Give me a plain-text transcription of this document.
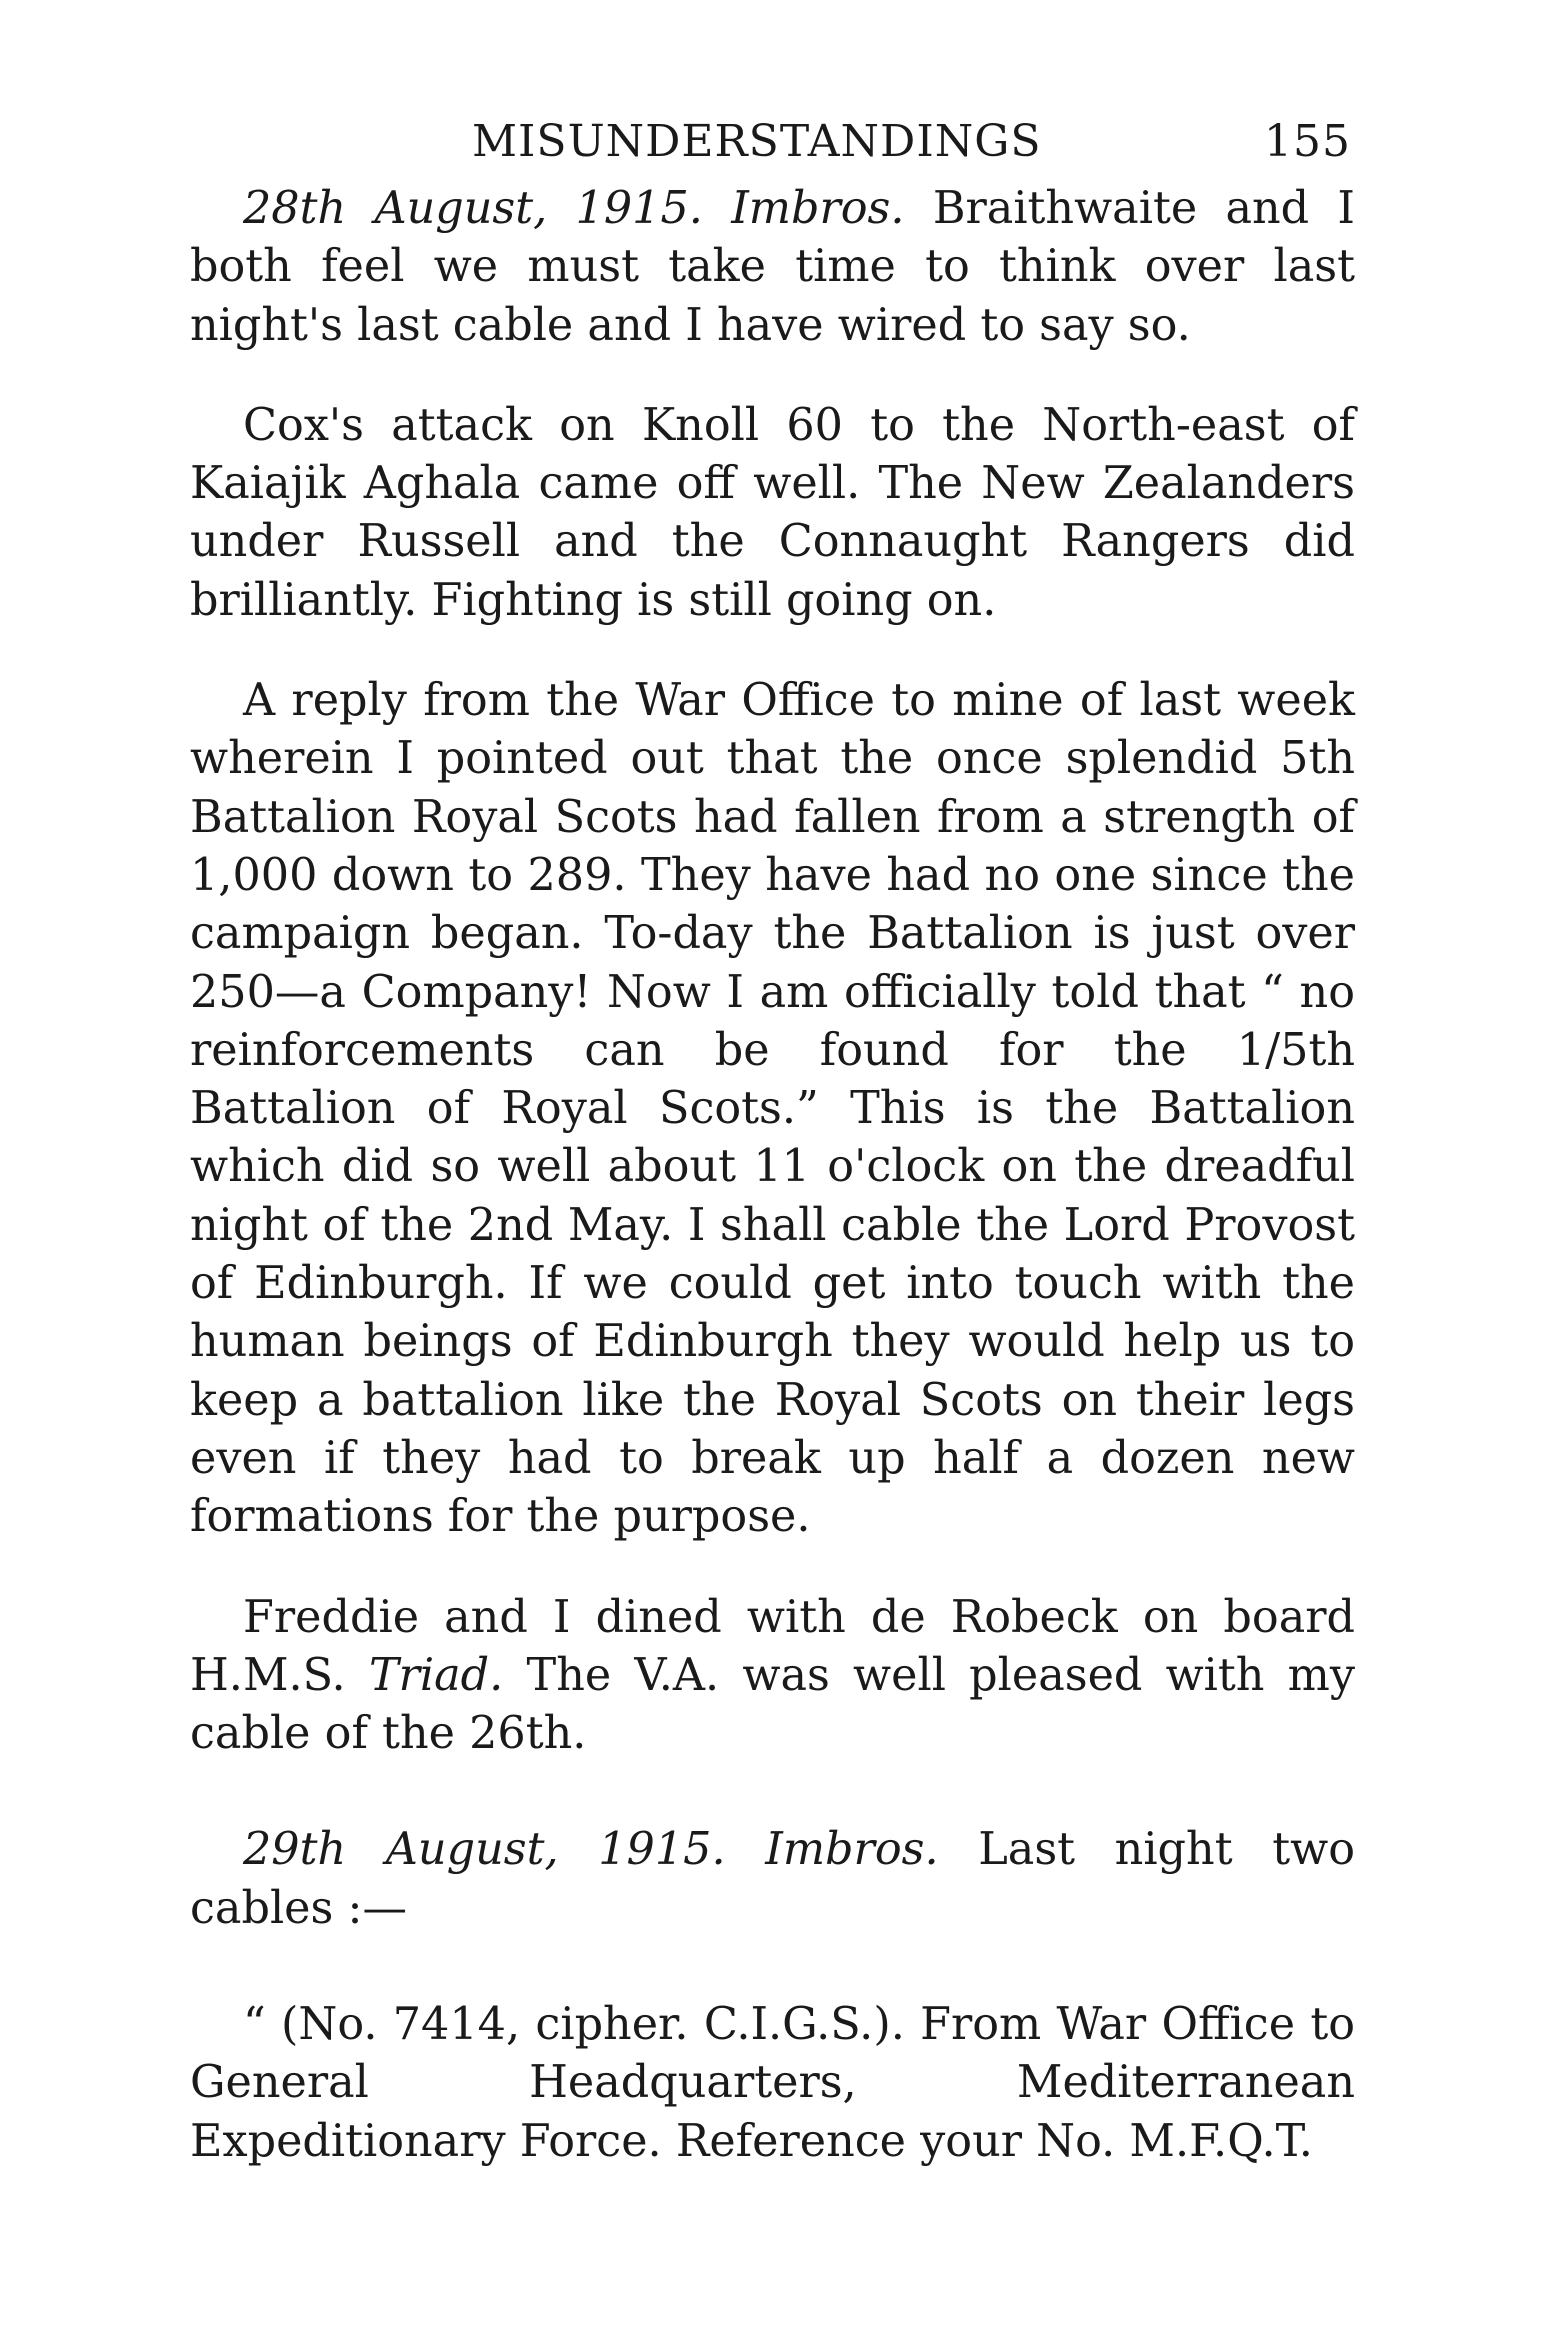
MISUNDERSTANDINGS	155

28th August, 1915. Imbros. Braithwaite and I both feel we must take time to think over last night's last cable and I have wired to say so.

Cox's attack on Knoll 60 to the North-east of Kaiajik Aghala came off well. The New Zealanders under Russell and the Connaught Rangers did brilliantly. Fighting is still going on.

A reply from the War Office to mine of last week wherein I pointed out that the once splendid 5th Battalion Royal Scots had fallen from a strength of 1,000 down to 289. They have had no one since the campaign began. To-day the Battalion is just over 250—a Company! Now I am officially told that “ no reinforcements can be found for the 1/5th Battalion of Royal Scots.” This is the Battalion which did so well about 11 o'clock on the dreadful night of the 2nd May. I shall cable the Lord Provost of Edinburgh. If we could get into touch with the human beings of Edinburgh they would help us to keep a battalion like the Royal Scots on their legs even if they had to break up half a dozen new formations for the purpose.

Freddie and I dined with de Robeck on board H.M.S. Triad. The V.A. was well pleased with my cable of the 26th.

29th August, 1915. Imbros. Last night two cables :—

“ (No. 7414, cipher. C.I.G.S.). From War Office to General Headquarters, Mediterranean Expeditionary Force. Reference your No. M.F.Q.T.
